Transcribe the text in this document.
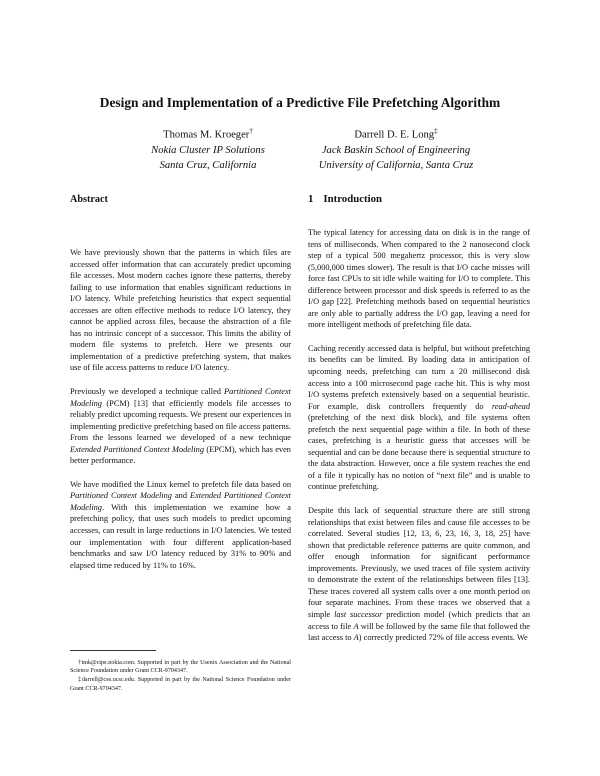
Design and Implementation of a Predictive File Prefetching Algorithm
Thomas M. Kroeger†
Nokia Cluster IP Solutions
Santa Cruz, California
Darrell D. E. Long‡
Jack Baskin School of Engineering
University of California, Santa Cruz
Abstract	1 Introduction

We have previously shown that the patterns in which files are accessed offer information that can accurately predict upcoming file accesses. Most modern caches ignore these patterns, thereby failing to use information that enables significant reductions in I/O latency. While prefetching heuristics that expect sequential accesses are often effective methods to reduce I/O latency, they cannot be applied across files, because the abstraction of a file has no intrinsic concept of a successor. This limits the ability of modern file systems to prefetch. Here we presents our implementation of a predictive prefetching system, that makes use of file access patterns to reduce I/O latency.

Previously we developed a technique called Partitioned Context Modeling (PCM) [13] that efficiently models file accesses to reliably predict upcoming requests. We present our experiences in implementing predictive prefetching based on file access patterns. From the lessons learned we developed of a new technique Extended Partitioned Context Modeling (EPCM), which has even better performance.

We have modified the Linux kernel to prefetch file data based on Partitioned Context Modeling and Extended Partitioned Context Modeling. With this implementation we examine how a prefetching policy, that uses such models to predict upcoming accesses, can result in large reductions in I/O latencies. We tested our implementation with four different application-based benchmarks and saw I/O latency reduced by 31% to 90% and elapsed time reduced by 11% to 16%.

†tmk@cipe.nokia.com. Supported in part by the Usenix Association and the National Science Foundation under Grant CCR-9704347.

‡darrell@cse.ucsc.edu. Supported in part by the National Science Foundation under Grant CCR-9704347.

The typical latency for accessing data on disk is in the range of tens of milliseconds. When compared to the 2 nanosecond clock step of a typical 500 megahertz processor, this is very slow (5,000,000 times slower). The result is that I/O cache misses will force fast CPUs to sit idle while waiting for I/O to complete. This difference between processor and disk speeds is referred to as the I/O gap [22]. Prefetching methods based on sequential heuristics are only able to partially address the I/O gap, leaving a need for more intelligent methods of prefetching file data.

Caching recently accessed data is helpful, but without prefetching its benefits can be limited. By loading data in anticipation of upcoming needs, prefetching can turn a 20 millisecond disk access into a 100 microsecond page cache hit. This is why most I/O systems prefetch extensively based on a sequential heuristic. For example, disk controllers frequently do read-ahead (prefetching of the next disk block), and file systems often prefetch the next sequential page within a file. In both of these cases, prefetching is a heuristic guess that accesses will be sequential and can be done because there is sequential structure to the data abstraction. However, once a file system reaches the end of a file it typically has no notion of “next file” and is unable to continue prefetching.

Despite this lack of sequential structure there are still strong relationships that exist between files and cause file accesses to be correlated. Several studies [12, 13, 6, 23, 16, 3, 18, 25] have shown that predictable reference patterns are quite common, and offer enough information for significant performance improvements. Previously, we used traces of file system activity to demonstrate the extent of the relationships between files [13]. These traces covered all system calls over a one month period on four separate machines. From these traces we observed that a simple last successor prediction model (which predicts that an access to file A will be followed by the same file that followed the last access to A) correctly predicted 72% of file access events. We
